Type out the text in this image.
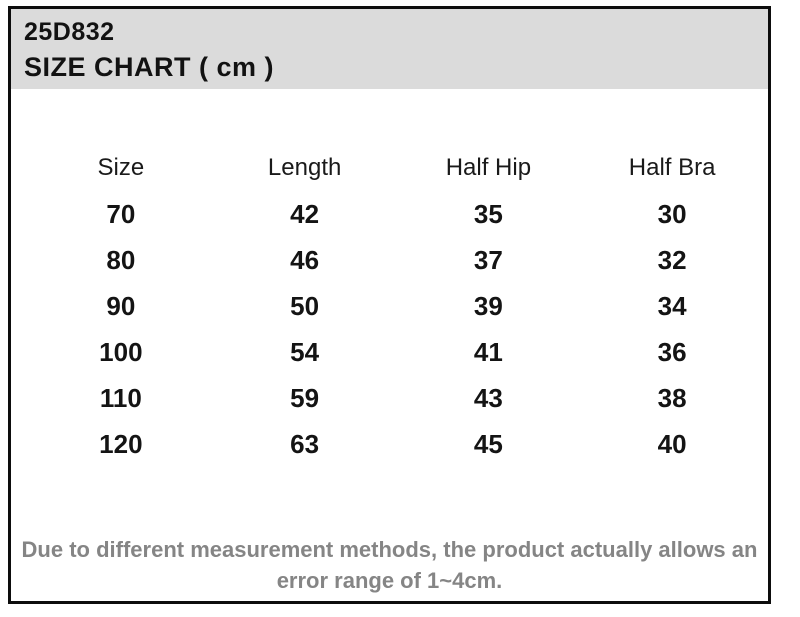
25D832
SIZE CHART ( cm )
Size	Length	Half Hip	Half Bra
70	42	35	30
80	46	37	32
90	50	39	34
100	54	41	36
110	59	43	38
120	63	45	40
Due to different measurement methods, the product actually allows an error range of 1~4cm.
